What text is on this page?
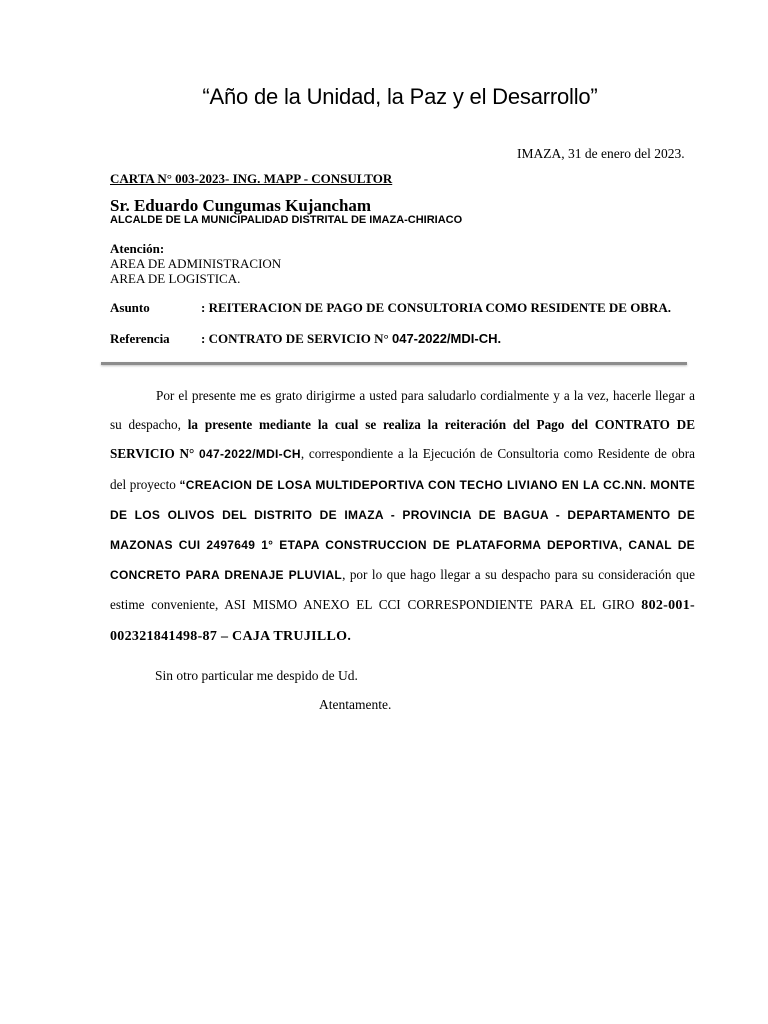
“Año de la Unidad, la Paz y el Desarrollo”
IMAZA, 31 de enero del 2023.
CARTA N° 003-2023- ING. MAPP - CONSULTOR
Sr. Eduardo Cungumas Kujancham
ALCALDE DE LA MUNICIPALIDAD DISTRITAL DE IMAZA-CHIRIACO
Atención:
AREA DE ADMINISTRACION
AREA DE LOGISTICA.
Asunto	: REITERACION DE PAGO DE CONSULTORIA COMO RESIDENTE DE OBRA.
Referencia : CONTRATO DE SERVICIO N° 047-2022/MDI-CH.
Por el presente me es grato dirigirme a usted para saludarlo cordialmente y a la vez, hacerle llegar a su despacho, la presente mediante la cual se realiza la reiteración del Pago del CONTRATO DE SERVICIO N° 047-2022/MDI-CH, correspondiente a la Ejecución de Consultoria como Residente de obra del proyecto “CREACION DE LOSA MULTIDEPORTIVA CON TECHO LIVIANO EN LA CC.NN. MONTE DE LOS OLIVOS DEL DISTRITO DE IMAZA - PROVINCIA DE BAGUA - DEPARTAMENTO DE MAZONAS CUI 2497649 1° ETAPA CONSTRUCCION DE PLATAFORMA DEPORTIVA, CANAL DE CONCRETO PARA DRENAJE PLUVIAL, por lo que hago llegar a su despacho para su consideración que estime conveniente, ASI MISMO ANEXO EL CCI CORRESPONDIENTE PARA EL GIRO 802-001-002321841498-87 – CAJA TRUJILLO.
Sin otro particular me despido de Ud.
Atentamente.
